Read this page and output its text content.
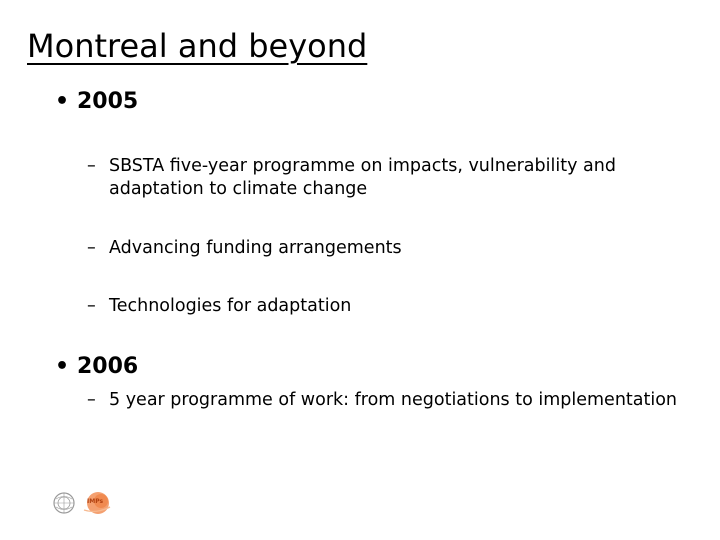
Montreal and beyond
• 2005
– SBSTA five-year programme on impacts, vulnerability and adaptation to climate change
– Advancing funding arrangements
– Technologies for adaptation
• 2006
– 5 year programme of work: from negotiations to implementation
IMPs
